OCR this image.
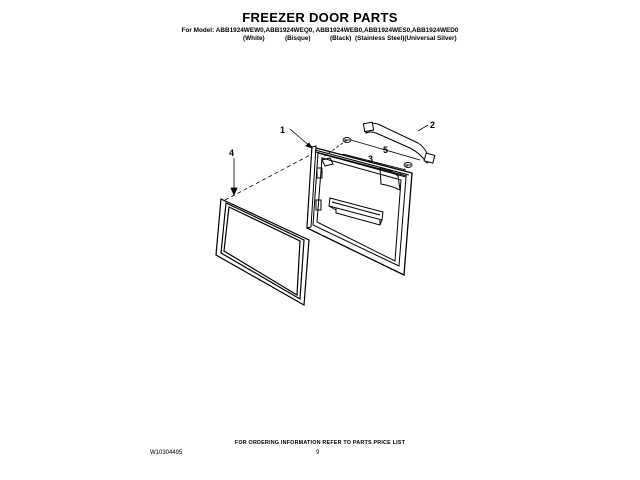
FREEZER DOOR PARTS
For Model: ABB1924WEW0,ABB1924WEQ0, ABB1924WEB0,ABB1924WES0,ABB1924WED0
(White)	(Bisque)	(Black) (Stainless Steel)(Universal Silver)
1	2
3
4	5
FOR ORDERING INFORMATION REFER TO PARTS PRICE LIST
W10304495	9
